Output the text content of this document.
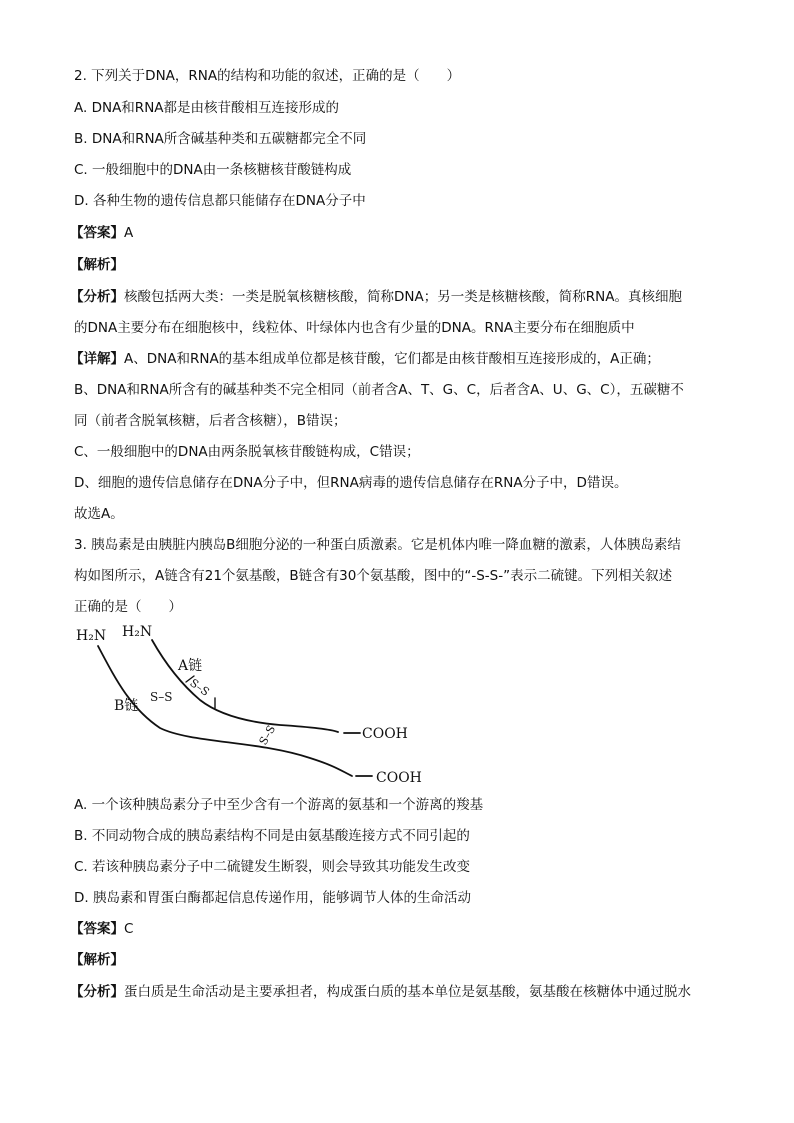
2. 下列关于DNA，RNA的结构和功能的叙述，正确的是（　　）
A. DNA和RNA都是由核苷酸相互连接形成的
B. DNA和RNA所含碱基种类和五碳糖都完全不同
C. 一般细胞中的DNA由一条核糖核苷酸链构成
D. 各种生物的遗传信息都只能储存在DNA分子中
【答案】A
【解析】
【分析】核酸包括两大类：一类是脱氧核糖核酸，简称DNA；另一类是核糖核酸，简称RNA。真核细胞
的DNA主要分布在细胞核中，线粒体、叶绿体内也含有少量的DNA。RNA主要分布在细胞质中
【详解】A、DNA和RNA的基本组成单位都是核苷酸，它们都是由核苷酸相互连接形成的，A正确；
B、DNA和RNA所含有的碱基种类不完全相同（前者含A、T、G、C，后者含A、U、G、C），五碳糖不
同（前者含脱氧核糖，后者含核糖），B错误；
C、一般细胞中的DNA由两条脱氧核苷酸链构成，C错误；
D、细胞的遗传信息储存在DNA分子中，但RNA病毒的遗传信息储存在RNA分子中，D错误。
故选A。
3. 胰岛素是由胰脏内胰岛B细胞分泌的一种蛋白质激素。它是机体内唯一降血糖的激素，人体胰岛素结
构如图所示，A链含有21个氨基酸，B链含有30个氨基酸，图中的“-S-S-”表示二硫键。下列相关叙述
正确的是（　　）
H₂N H₂N
A链
B链
S–S S–S
S–S	COOH
COOH
A. 一个该种胰岛素分子中至少含有一个游离的氨基和一个游离的羧基
B. 不同动物合成的胰岛素结构不同是由氨基酸连接方式不同引起的
C. 若该种胰岛素分子中二硫键发生断裂，则会导致其功能发生改变
D. 胰岛素和胃蛋白酶都起信息传递作用，能够调节人体的生命活动
【答案】C
【解析】
【分析】蛋白质是生命活动是主要承担者，构成蛋白质的基本单位是氨基酸，氨基酸在核糖体中通过脱水
